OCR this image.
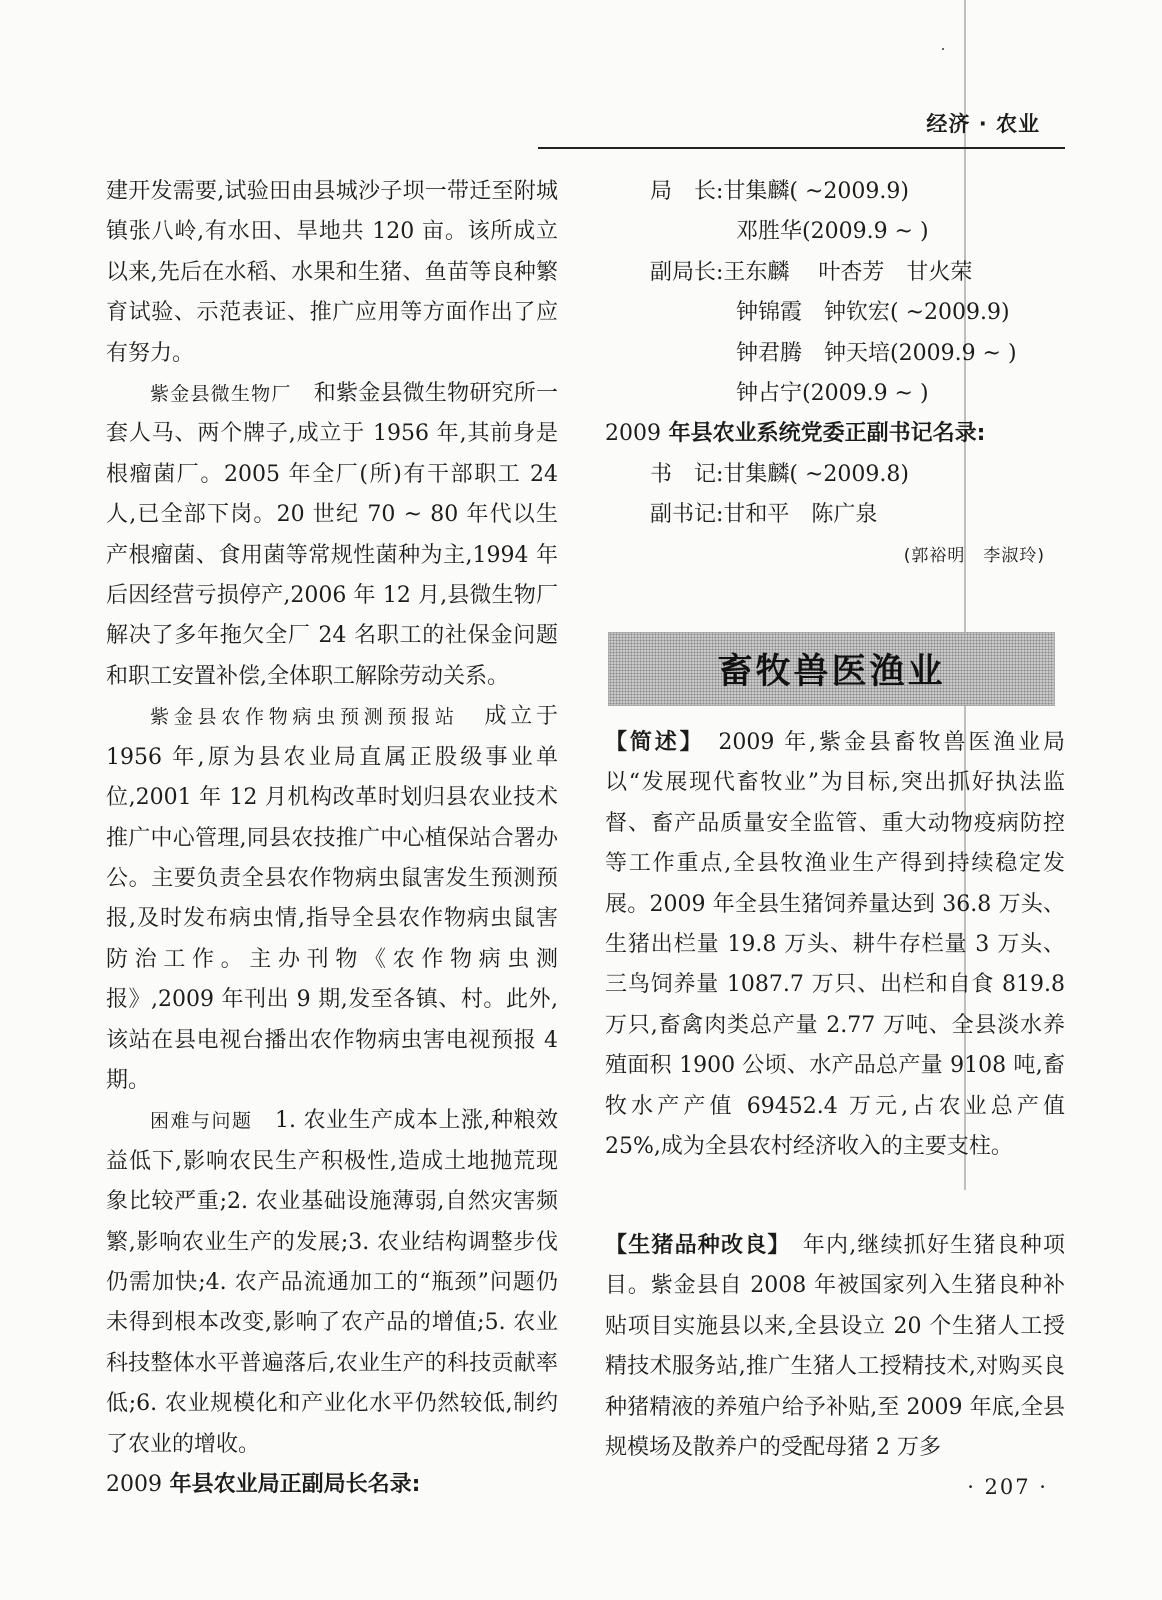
经济 · 农业

建开发需要,试验田由县城沙子坝一带迁至附城镇张八岭,有水田、旱地共 120 亩。该所成立以来,先后在水稻、水果和生猪、鱼苗等良种繁育试验、示范表证、推广应用等方面作出了应有努力。

紫金县微生物厂　 和紫金县微生物研究所一套人马、两个牌子,成立于 1956 年,其前身是根瘤菌厂。2005 年全厂(所)有干部职工 24 人,已全部下岗。20 世纪 70 ~ 80 年代以生产根瘤菌、食用菌等常规性菌种为主,1994 年后因经营亏损停产,2006 年 12 月,县微生物厂解决了多年拖欠全厂 24 名职工的社保金问题和职工安置补偿,全体职工解除劳动关系。

紫金县农作物病虫预测预报站　 成立于 1956 年,原为县农业局直属正股级事业单位,2001 年 12 月机构改革时划归县农业技术推广中心管理,同县农技推广中心植保站合署办公。主要负责全县农作物病虫鼠害发生预测预报,及时发布病虫情,指导全县农作物病虫鼠害防治工作。主办刊物《农作物病虫测报》,2009 年刊出 9 期,发至各镇、村。此外,该站在县电视台播出农作物病虫害电视预报 4 期。

困难与问题　 1. 农业生产成本上涨,种粮效益低下,影响农民生产积极性,造成土地抛荒现象比较严重;2. 农业基础设施薄弱,自然灾害频繁,影响农业生产的发展;3. 农业结构调整步伐仍需加快;4. 农产品流通加工的“瓶颈”问题仍未得到根本改变,影响了农产品的增值;5. 农业科技整体水平普遍落后,农业生产的科技贡献率低;6. 农业规模化和产业化水平仍然较低,制约了农业的增收。

2009 年县农业局正副局长名录:

局　长:甘集麟( ~2009.9)

邓胜华(2009.9 ~ )

副局长:王东麟　 叶杏芳　甘火荣

钟锦霞　钟钦宏( ~2009.9)

钟君腾　钟天培(2009.9 ~ )

钟占宁(2009.9 ~ )

2009 年县农业系统党委正副书记名录:

书　记:甘集麟( ~2009.8)

副书记:甘和平　陈广泉

(郭裕明　李淑玲)

畜牧兽医渔业
【简述】　2009 年,紫金县畜牧兽医渔业局以“发展现代畜牧业”为目标,突出抓好执法监督、畜产品质量安全监管、重大动物疫病防控等工作重点,全县牧渔业生产得到持续稳定发展。2009 年全县生猪饲养量达到 36.8 万头、生猪出栏量 19.8 万头、耕牛存栏量 3 万头、三鸟饲养量 1087.7 万只、出栏和自食 819.8 万只,畜禽肉类总产量 2.77 万吨、全县淡水养殖面积 1900 公顷、水产品总产量 9108 吨,畜牧水产产值 69452.4 万元,占农业总产值 25%,成为全县农村经济收入的主要支柱。
【生猪品种改良】　年内,继续抓好生猪良种项目。紫金县自 2008 年被国家列入生猪良种补贴项目实施县以来,全县设立 20 个生猪人工授精技术服务站,推广生猪人工授精技术,对购买良种猪精液的养殖户给予补贴,至 2009 年底,全县规模场及散养户的受配母猪 2 万多
· 207 ·
